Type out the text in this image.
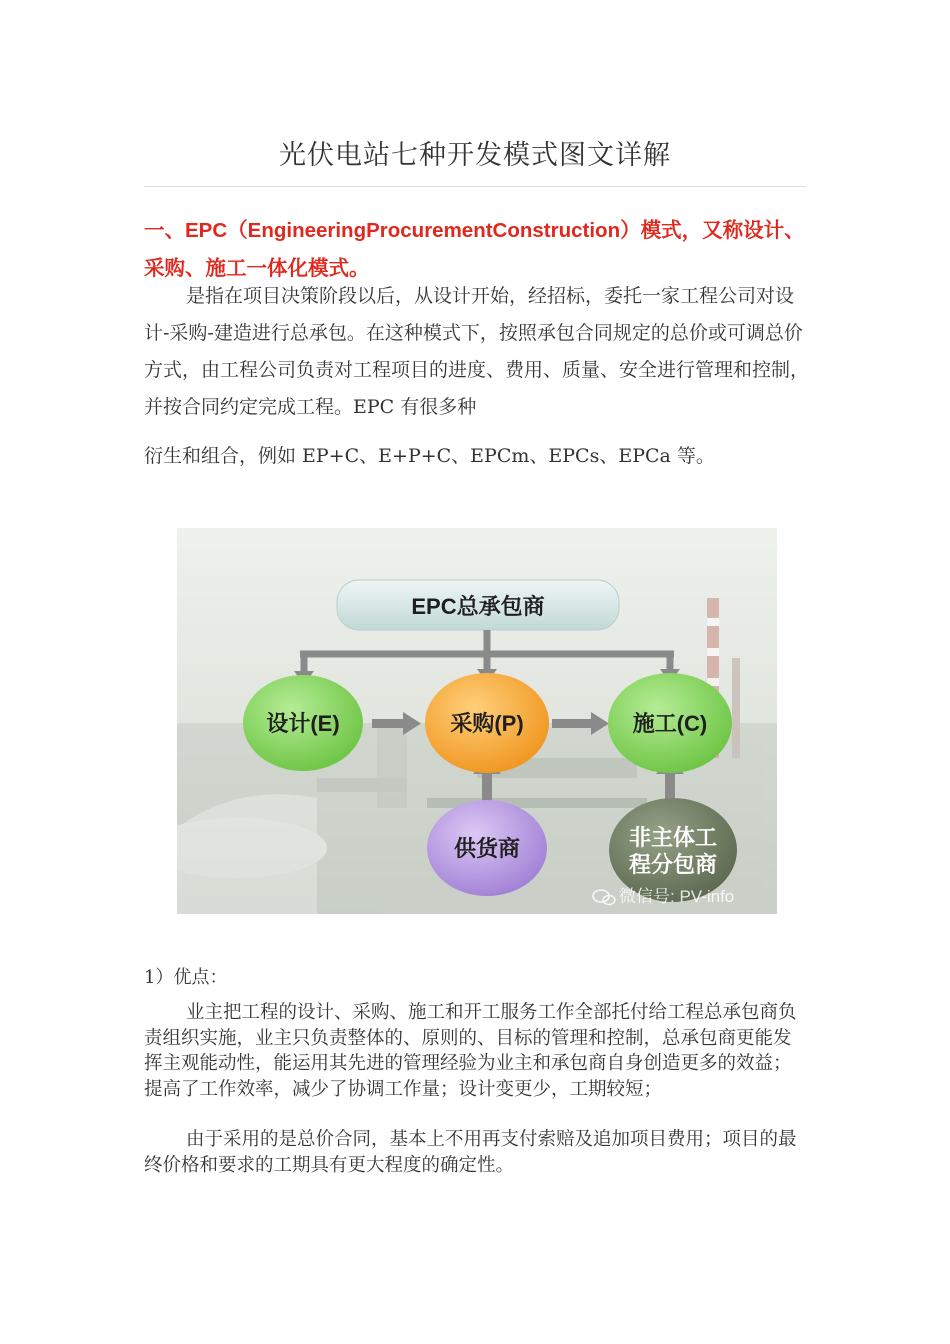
光伏电站七种开发模式图文详解
一、EPC（EngineeringProcurementConstruction）模式，又称设计、采购、施工一体化模式。
是指在项目决策阶段以后，从设计开始，经招标，委托一家工程公司对设计-采购-建造进行总承包。在这种模式下，按照承包合同规定的总价或可调总价方式，由工程公司负责对工程项目的进度、费用、质量、安全进行管理和控制，并按合同约定完成工程。EPC 有很多种
衍生和组合，例如 EP+C、E+P+C、EPCm、EPCs、EPCa 等。
EPC总承包商
设计(E)	采购(P)	施工(C)
供货商	非主体工
程分包商
微信号: PV-info
1）优点：
业主把工程的设计、采购、施工和开工服务工作全部托付给工程总承包商负责组织实施，业主只负责整体的、原则的、目标的管理和控制，总承包商更能发挥主观能动性，能运用其先进的管理经验为业主和承包商自身创造更多的效益；提高了工作效率，减少了协调工作量；设计变更少，工期较短；
由于采用的是总价合同，基本上不用再支付索赔及追加项目费用；项目的最终价格和要求的工期具有更大程度的确定性。
